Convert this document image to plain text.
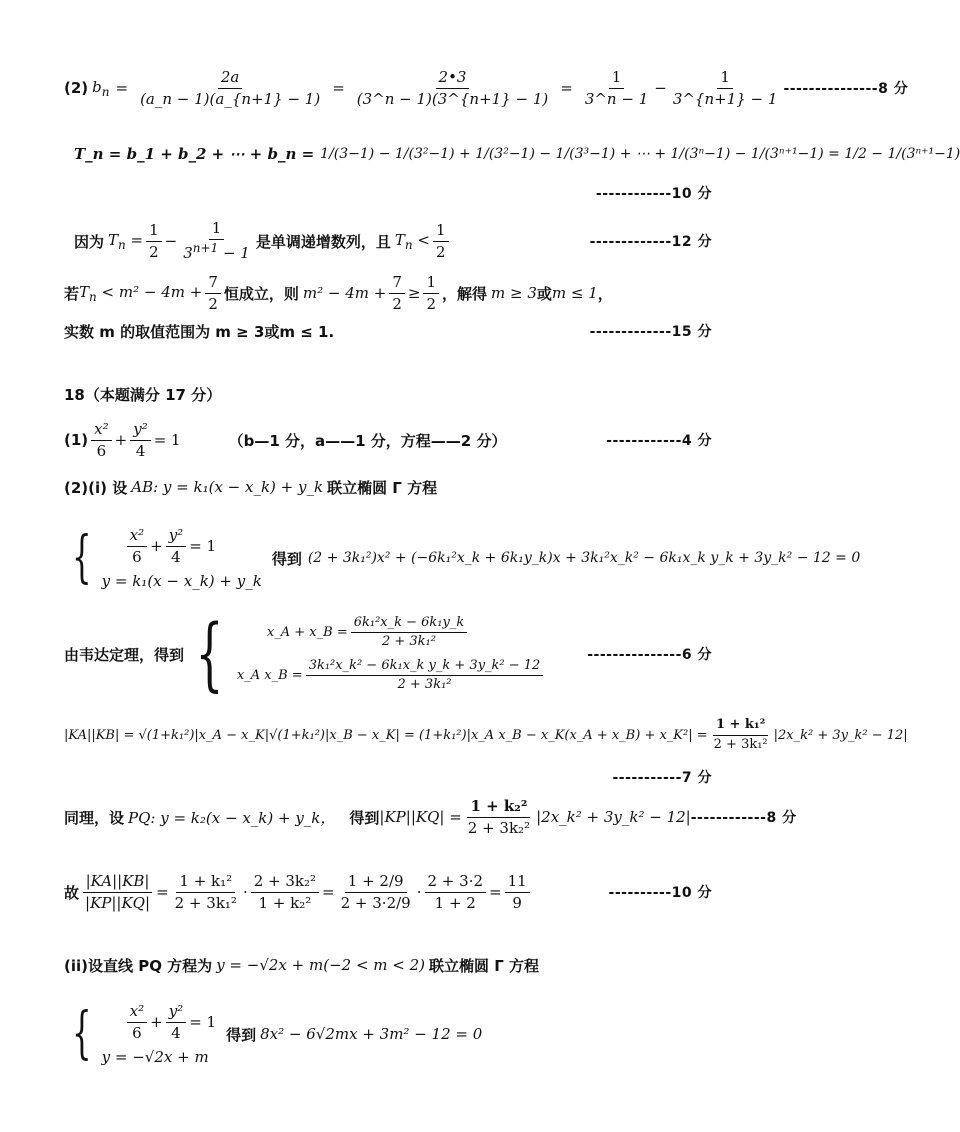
(2) $b_n = \frac{2a}{(a\_n - 1)(a\_\{n+1\} - 1)} = \frac{2•3}{(3\^{}n - 1)(3\^{}\{n+1\} - 1)} = \frac{1}{3\^{}n - 1} - \frac{1}{3\^{}\{n+1\} - 1} ---------------8$ 分
T_n = b_1 + b_2 + ⋯ + b_n = 1/(3−1) − 1/(3²−1) + 1/(3²−1) − 1/(3³−1) + ⋯ + 1/(3ⁿ−1) − 1/(3ⁿ⁺¹−1) = 1/2 − 1/(3ⁿ⁺¹−1)
------------10 分
因为 $T_n = \frac{1}{2} - \frac{1}{3^{n+1} - 1}$ 是单调递增数列，且 $T_n < \frac{1}{2}$	-------------12 分
若 $T_n < m^2 - 4m + \frac{7}{2}$ 恒成立，则 $m^2 - 4m + \frac{7}{2} \ge \frac{1}{2}$ ，解得 m ≥ 3 或 m ≤ 1 ，
实数 m 的取值范围为 m ≥ 3或m ≤ 1.	-------------15 分
18（本题满分 17 分）
$(1) \frac{\text{x²}}{6} + \frac{\text{y²}}{4} = 1$	（b—1 分，a——1 分，方程——2 分）	------------4 分
(2)(i) 设 AB: y = k₁(x − x_k) + y_k 联立椭圆 Γ 方程
{ $\frac{\text{x²}}{6} + \frac{\text{y²}}{4} = 1$
y = k₁(x − x_k) + y_k
得到 (2 + 3k₁²)x² + (−6k₁²x_k + 6k₁y_k)x + 3k₁²x_k² − 6k₁x_k y_k + 3y_k² − 12 = 0
由韦达定理，得到 {	x_A + x_B = $\frac{\text{6k₁²x\_k − 6k₁y\_k}}{\text{2 + 3k₁²}}$
x_A x_B = $\frac{\text{3k₁²x\_k² − 6k₁x\_k y\_k + 3y\_k² − 12}}{\text{2 + 3k₁²}}$
---------------6 分
|KA||KB| = √(1+k₁²)|x_A − x_K|√(1+k₁²)|x_B − x_K| = (1+k₁²)|x_A x_B − x_K(x_A + x_B) + x_K²| = $\frac{\text{1 + k₁²}}{\text{2 + 3k₁²}}$ |2x_k² + 3y_k² − 12|
-----------7 分
同理，设 PQ: y = k₂(x − x_k) + y_k， 得到 $|KP||KQ| = \frac{\text{1 + k₂²}}{\text{2 + 3k₂²}}$ |2x_k² + 3y_k² − 12| ------------8 分
故 $\frac{|KA||KB|}{|KP||KQ|} = \frac{\text{1 + k₁²}}{\text{2 + 3k₁²}} \cdot \frac{\text{2 + 3k₂²}}{\text{1 + k₂²}} = \frac{1 + 2/9}{2 + 3\cdot 2/9} \cdot \frac{2 + 3\cdot 2}{1 + 2} = \frac{11}{9}$	----------10 分
(ii)设直线 PQ 方程为 y = −√2x + m(−2 < m < 2) 联立椭圆 Γ 方程
{ $\frac{\text{x²}}{6} + \frac{\text{y²}}{4} = 1$
y = −√2x + m
得到 8x² − 6√2mx + 3m² − 12 = 0
